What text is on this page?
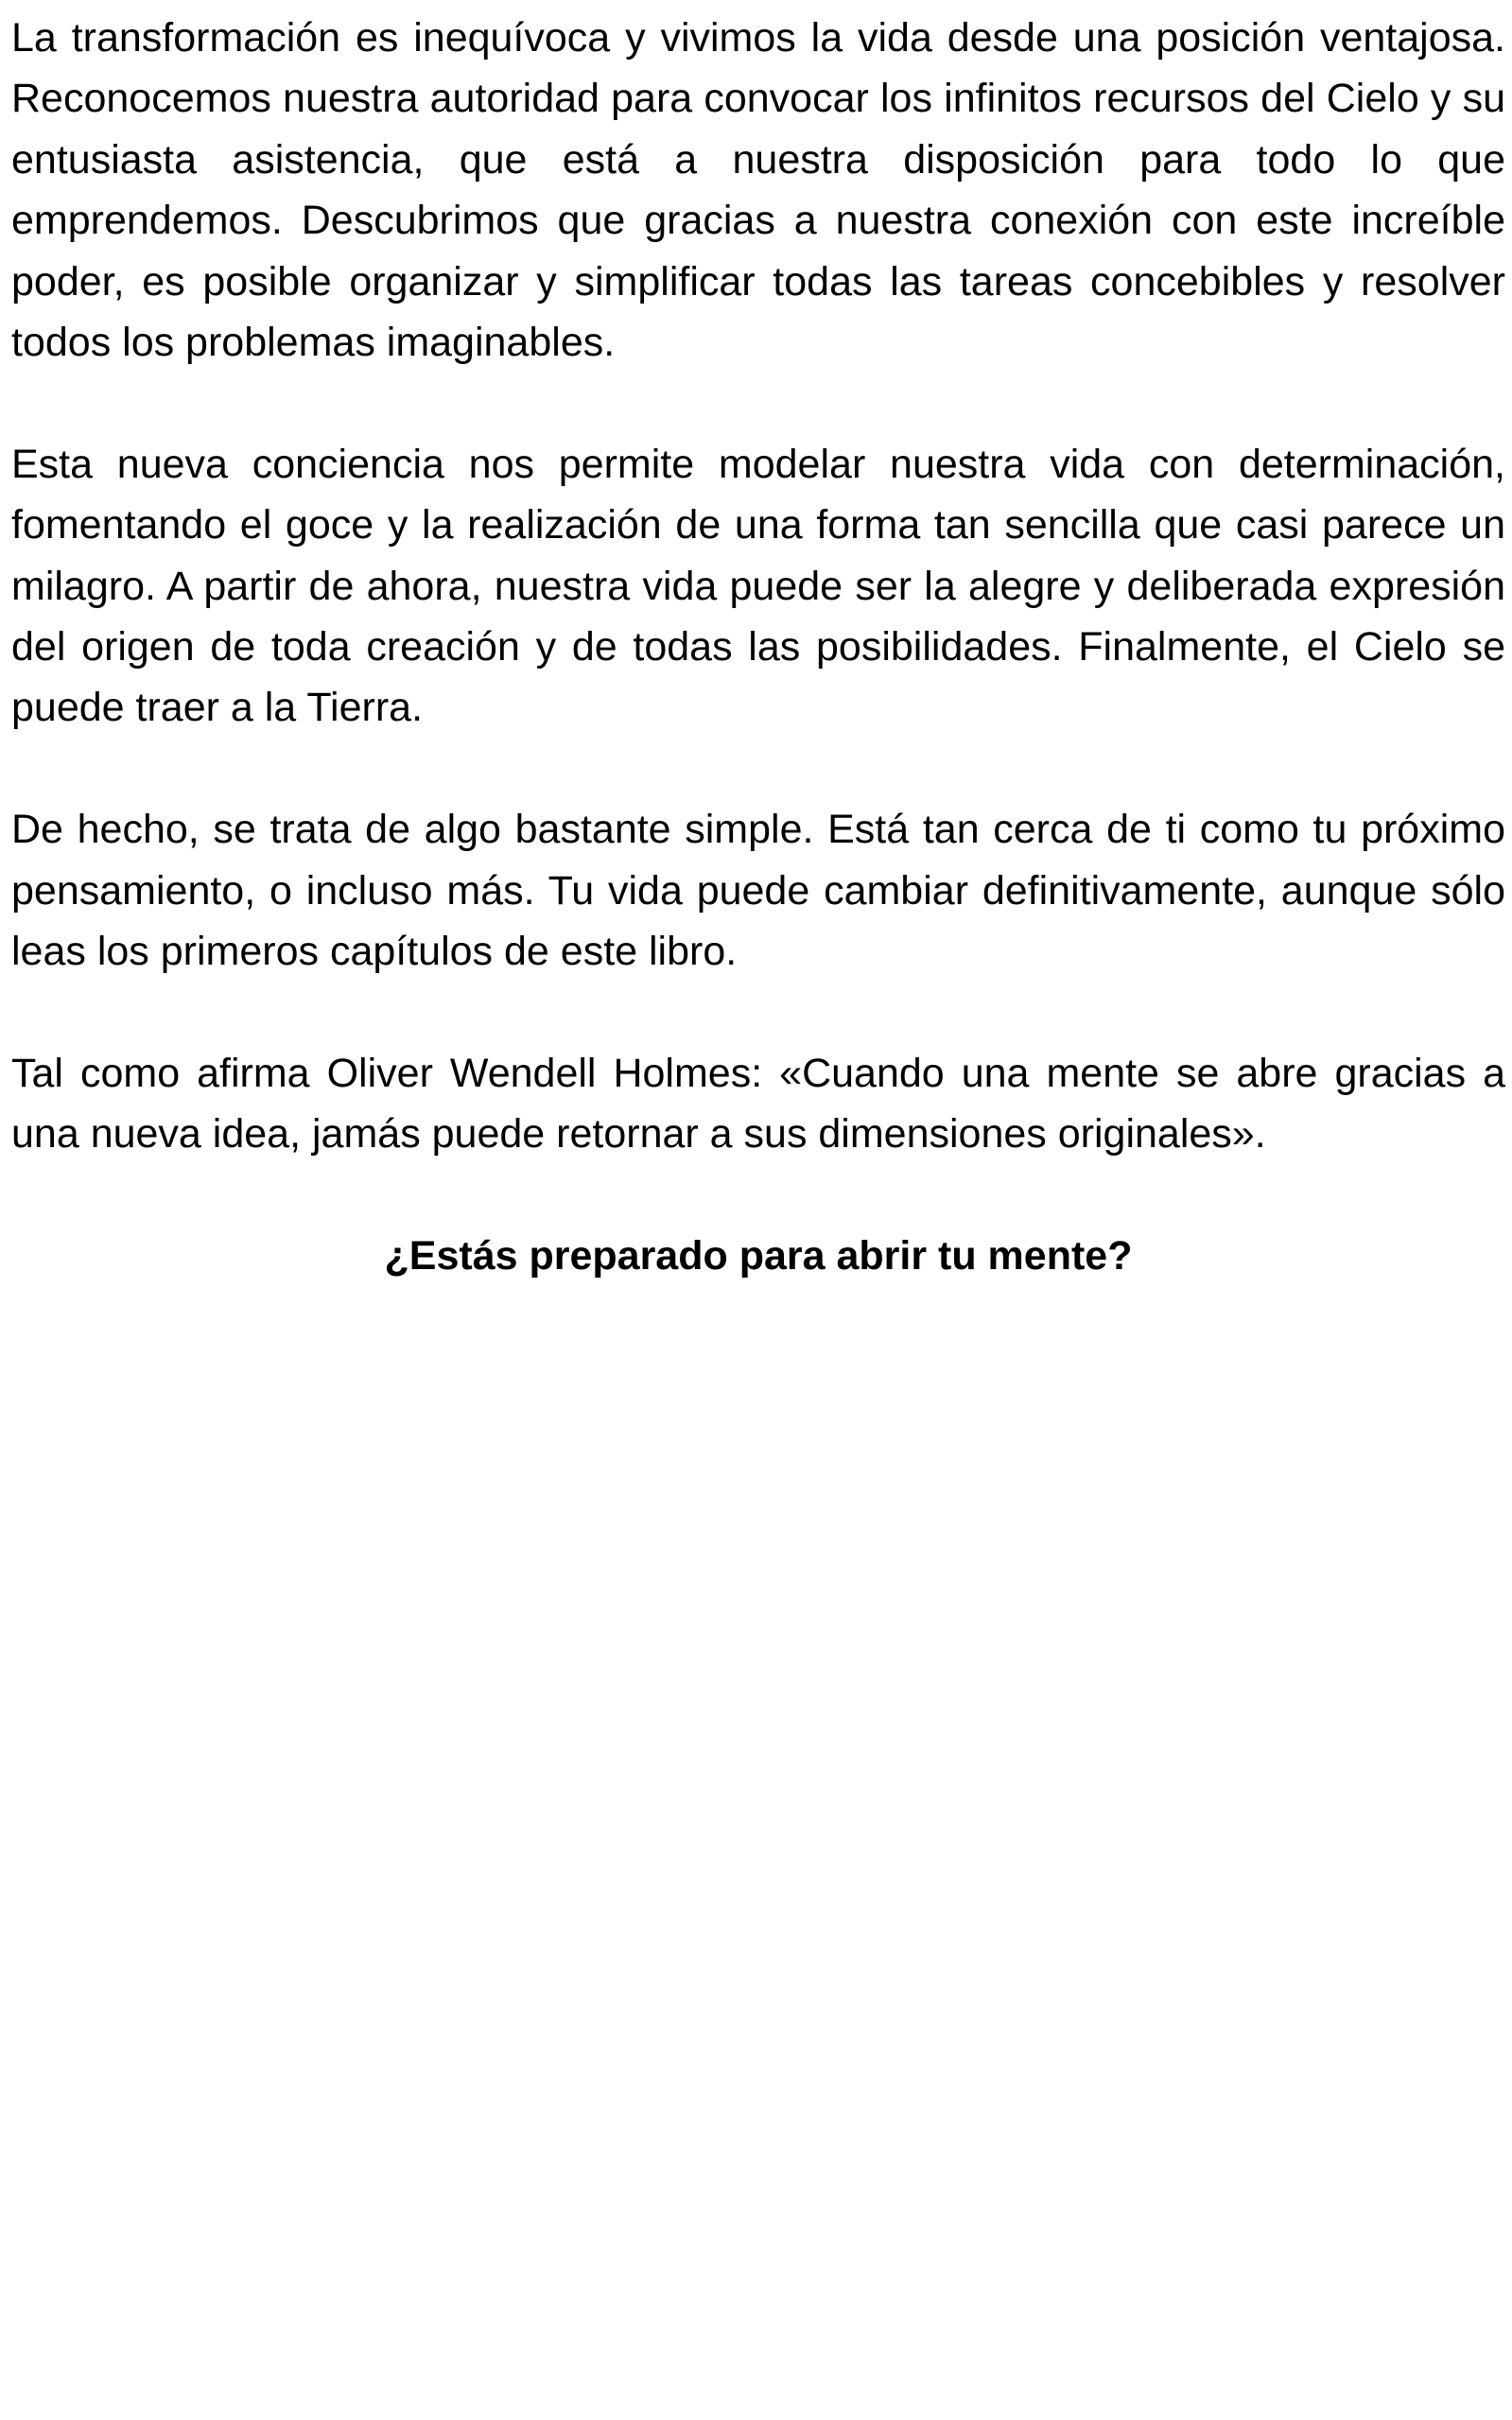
La transformación es inequívoca y vivimos la vida desde una posición ventajosa. Reconocemos nuestra autoridad para convocar los infinitos recursos del Cielo y su entusiasta asistencia, que está a nuestra disposición para todo lo que emprendemos. Descubrimos que gracias a nuestra conexión con este increíble poder, es posible organizar y simplificar todas las tareas concebibles y resolver todos los problemas imaginables.

Esta nueva conciencia nos permite modelar nuestra vida con determinación, fomentando el goce y la realización de una forma tan sencilla que casi parece un milagro. A partir de ahora, nuestra vida puede ser la alegre y deliberada expresión del origen de toda creación y de todas las posibilidades. Finalmente, el Cielo se puede traer a la Tierra.

De hecho, se trata de algo bastante simple. Está tan cerca de ti como tu próximo pensamiento, o incluso más. Tu vida puede cambiar definitivamente, aunque sólo leas los primeros capítulos de este libro.

Tal como afirma Oliver Wendell Holmes: «Cuando una mente se abre gracias a una nueva idea, jamás puede retornar a sus dimensiones originales».

¿Estás preparado para abrir tu mente?
